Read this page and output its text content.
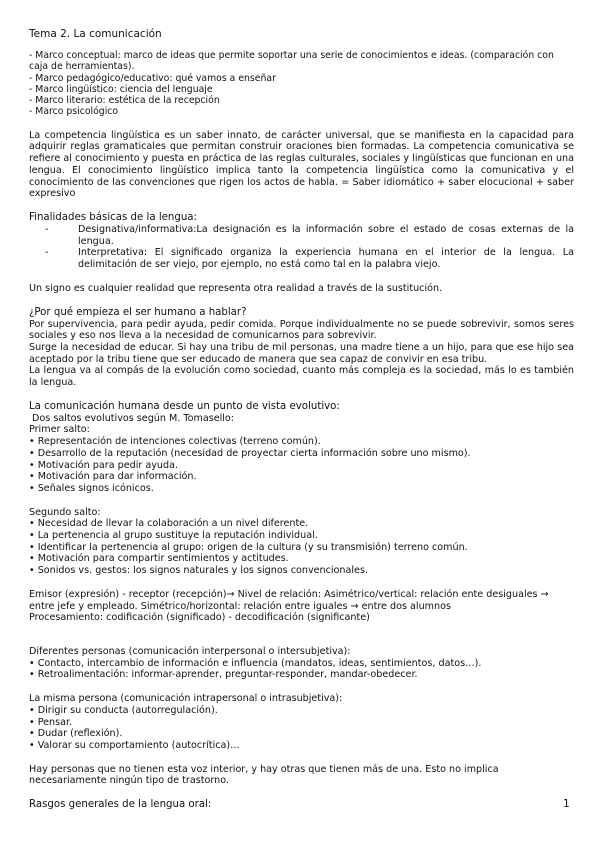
Tema 2. La comunicación

- Marco conceptual: marco de ideas que permite soportar una serie de conocimientos e ideas. (comparación con caja de herramientas).

- Marco pedagógico/educativo: qué vamos a enseñar

- Marco lingüístico: ciencia del lenguaje

- Marco literario: estética de la recepción

- Marco psicológico

La competencia lingüística es un saber innato, de carácter universal, que se manifiesta en la capacidad para adquirir reglas gramaticales que permitan construir oraciones bien formadas. La competencia comunicativa se refiere al conocimiento y puesta en práctica de las reglas culturales, sociales y lingüísticas que funcionan en una lengua. El conocimiento lingüístico implica tanto la competencia lingüística como la comunicativa y el conocimiento de las convenciones que rigen los actos de habla. = Saber idiomático + saber elocucional + saber expresivo

Finalidades básicas de la lengua:

- Designativa/informativa:La designación es la información sobre el estado de cosas externas de la lengua.
- Interpretativa: El significado organiza la experiencia humana en el interior de la lengua. La delimitación de ser viejo, por ejemplo, no está como tal en la palabra viejo.

Un signo es cualquier realidad que representa otra realidad a través de la sustitución.

¿Por qué empieza el ser humano a hablar?

Por supervivencia, para pedir ayuda, pedir comida. Porque individualmente no se puede sobrevivir, somos seres sociales y eso nos lleva a la necesidad de comunicarnos para sobrevivir.

Surge la necesidad de educar. Si hay una tribu de mil personas, una madre tiene a un hijo, para que ese hijo sea aceptado por la tribu tiene que ser educado de manera que sea capaz de convivir en esa tribu.

La lengua va al compás de la evolución como sociedad, cuanto más compleja es la sociedad, más lo es también la lengua.

La comunicación humana desde un punto de vista evolutivo:

Dos saltos evolutivos según M. Tomasello:

Primer salto:

• Representación de intenciones colectivas (terreno común).
• Desarrollo de la reputación (necesidad de proyectar cierta información sobre uno mismo).
• Motivación para pedir ayuda.
• Motivación para dar información.
• Señales signos icónicos.

Segundo salto:

• Necesidad de llevar la colaboración a un nivel diferente.
• La pertenencia al grupo sustituye la reputación individual.
• Identificar la pertenencia al grupo: origen de la cultura (y su transmisión) terreno común.
• Motivación para compartir sentimientos y actitudes.
• Sonidos vs. gestos: los signos naturales y los signos convencionales.

Emisor (expresión) - receptor (recepción)→ Nivel de relación: Asimétrico/vertical: relación ente desiguales → entre jefe y empleado. Simétrico/horizontal: relación entre iguales → entre dos alumnos

Procesamiento: codificación (significado) - decodificación (significante)

Diferentes personas (comunicación interpersonal o intersubjetiva):

• Contacto, intercambio de información e influencia (mandatos, ideas, sentimientos, datos…).
• Retroalimentación: informar-aprender, preguntar-responder, mandar-obedecer.

La misma persona (comunicación intrapersonal o intrasubjetiva):

• Dirigir su conducta (autorregulación).
• Pensar.
• Dudar (reflexión).
• Valorar su comportamiento (autocrítica)…

Hay personas que no tienen esta voz interior, y hay otras que tienen más de una. Esto no implica necesariamente ningún tipo de trastorno.

Rasgos generales de la lengua oral:	1
